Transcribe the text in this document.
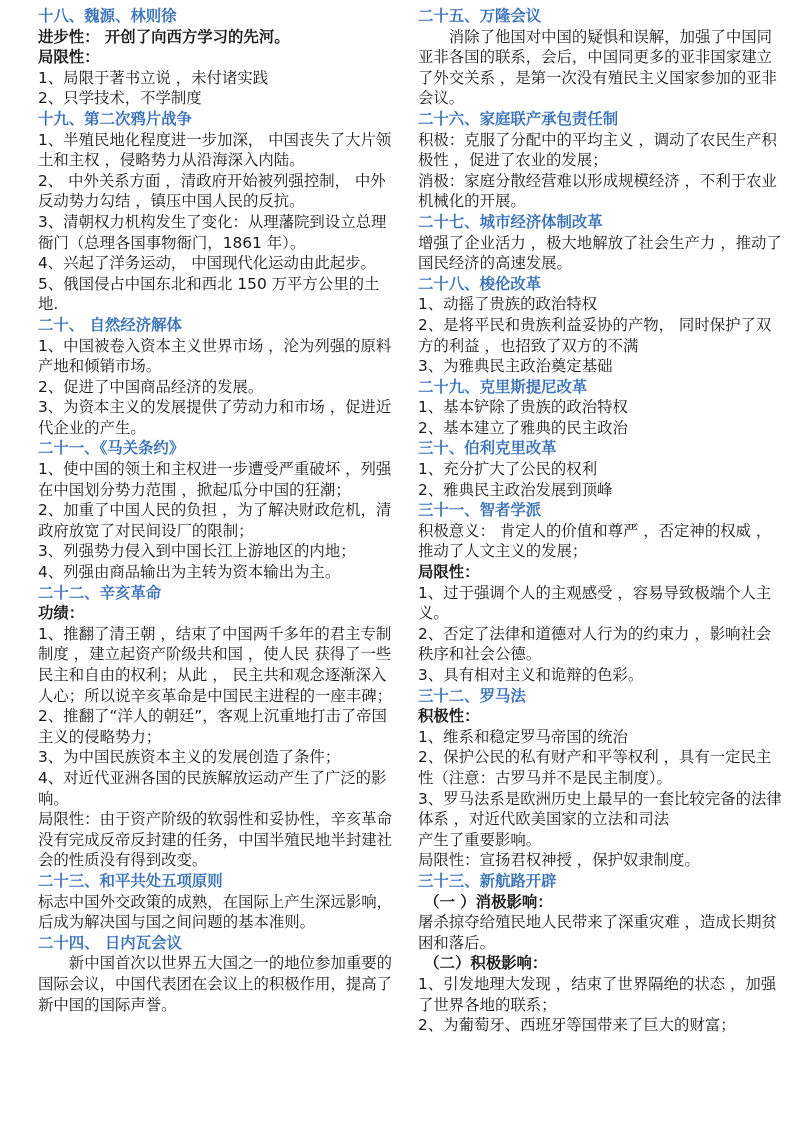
十八、魏源、林则徐

进步性： 开创了向西方学习的先河。

局限性：

1、局限于著书立说 ，未付诸实践

2、只学技术，不学制度

十九、第二次鸦片战争

1、半殖民地化程度进一步加深， 中国丧失了大片领土和主权 ，侵略势力从沿海深入内陆。

2、 中外关系方面 ，清政府开始被列强控制， 中外反动势力勾结 ，镇压中国人民的反抗。

3、清朝权力机构发生了变化：从理藩院到设立总理衙门（总理各国事物衙门，1861 年）。

4、兴起了洋务运动， 中国现代化运动由此起步。

5、俄国侵占中国东北和西北 150 万平方公里的土地.

二十、 自然经济解体

1、中国被卷入资本主义世界市场 ，沦为列强的原料产地和倾销市场。

2、促进了中国商品经济的发展。

3、为资本主义的发展提供了劳动力和市场 ，促进近代企业的产生。

二十一、《马关条约》

1、使中国的领土和主权进一步遭受严重破坏 ，列强在中国划分势力范围 ，掀起瓜分中国的狂潮；

2、加重了中国人民的负担 ，为了解决财政危机，清政府放宽了对民间设厂的限制；

3、列强势力侵入到中国长江上游地区的内地；

4、列强由商品输出为主转为资本输出为主。

二十二、辛亥革命

功绩：

1、推翻了清王朝 ，结束了中国两千多年的君主专制制度 ，建立起资产阶级共和国 ，使人民 获得了一些民主和自由的权利；从此 ， 民主共和观念逐渐深入人心；所以说辛亥革命是中国民主进程的一座丰碑；

2、推翻了“洋人的朝廷”，客观上沉重地打击了帝国主义的侵略势力；

3、为中国民族资本主义的发展创造了条件；

4、对近代亚洲各国的民族解放运动产生了广泛的影响。

局限性：由于资产阶级的软弱性和妥协性，辛亥革命没有完成反帝反封建的任务，中国半殖民地半封建社会的性质没有得到改变。

二十三、和平共处五项原则

标志中国外交政策的成熟，在国际上产生深远影响，后成为解决国与国之间问题的基本准则。

二十四、 日内瓦会议

新中国首次以世界五大国之一的地位参加重要的国际会议，中国代表团在会议上的积极作用，提高了新中国的国际声誉。

二十五、万隆会议

消除了他国对中国的疑惧和误解，加强了中国同亚非各国的联系，会后，中国同更多的亚非国家建立了外交关系 ，是第一次没有殖民主义国家参加的亚非会议。

二十六、家庭联产承包责任制

积极：克服了分配中的平均主义 ，调动了农民生产积极性 ，促进了农业的发展；

消极：家庭分散经营难以形成规模经济 ，不利于农业机械化的开展。

二十七、城市经济体制改革

增强了企业活力 ，极大地解放了社会生产力 ，推动了国民经济的高速发展。

二十八、梭伦改革

1、动摇了贵族的政治特权

2、是将平民和贵族利益妥协的产物， 同时保护了双方的利益 ，也招致了双方的不满

3、为雅典民主政治奠定基础

二十九、克里斯提尼改革

1、基本铲除了贵族的政治特权

2、基本建立了雅典的民主政治

三十、伯利克里改革

1、充分扩大了公民的权利

2、雅典民主政治发展到顶峰

三十一、智者学派

积极意义： 肯定人的价值和尊严 ，否定神的权威 ，推动了人文主义的发展；

局限性：

1、过于强调个人的主观感受 ，容易导致极端个人主义。

2、否定了法律和道德对人行为的约束力 ，影响社会秩序和社会公德。

3、具有相对主义和诡辩的色彩。

三十二、罗马法

积极性：

1、维系和稳定罗马帝国的统治

2、保护公民的私有财产和平等权利 ，具有一定民主性（注意：古罗马并不是民主制度）。

3、罗马法系是欧洲历史上最早的一套比较完备的法律体系 ，对近代欧美国家的立法和司法

产生了重要影响。

局限性：宣扬君权神授 ，保护奴隶制度。

三十三、新航路开辟

（一 ）消极影响：

屠杀掠夺给殖民地人民带来了深重灾难 ，造成长期贫困和落后。

（二）积极影响：

1、引发地理大发现 ，结束了世界隔绝的状态 ，加强了世界各地的联系；

2、为葡萄牙、西班牙等国带来了巨大的财富；
